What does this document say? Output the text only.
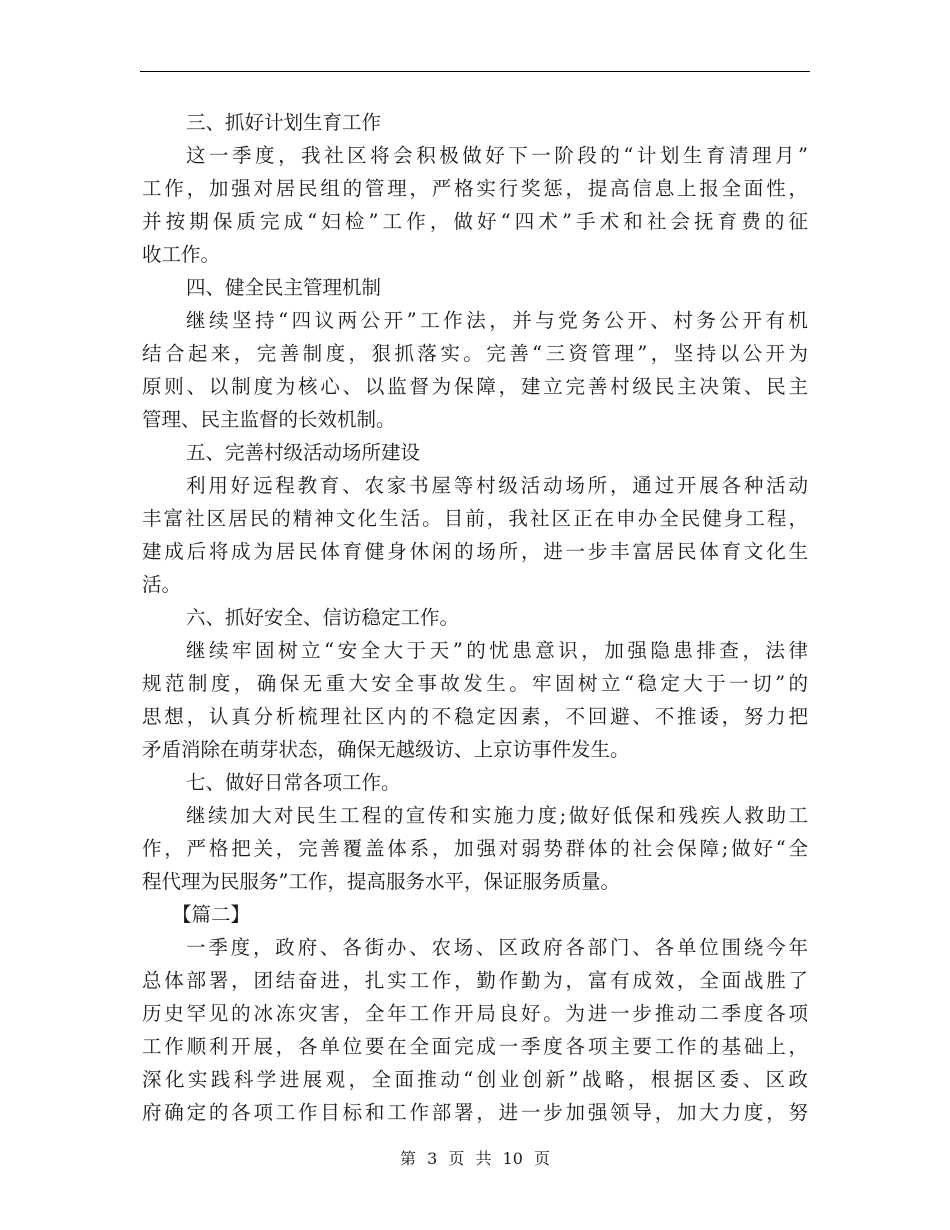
三、抓好计划生育工作
这一季度，我社区将会积极做好下一阶段的“计划生育清理月”
工作，加强对居民组的管理，严格实行奖惩，提高信息上报全面性，
并按期保质完成“妇检”工作，做好“四术”手术和社会抚育费的征
收工作。
四、健全民主管理机制
继续坚持“四议两公开”工作法，并与党务公开、村务公开有机
结合起来，完善制度，狠抓落实。完善“三资管理”，坚持以公开为
原则、以制度为核心、以监督为保障，建立完善村级民主决策、民主
管理、民主监督的长效机制。
五、完善村级活动场所建设
利用好远程教育、农家书屋等村级活动场所，通过开展各种活动
丰富社区居民的精神文化生活。目前，我社区正在申办全民健身工程，
建成后将成为居民体育健身休闲的场所，进一步丰富居民体育文化生
活。
六、抓好安全、信访稳定工作。
继续牢固树立“安全大于天”的忧患意识，加强隐患排查，法律
规范制度，确保无重大安全事故发生。牢固树立“稳定大于一切”的
思想，认真分析梳理社区内的不稳定因素，不回避、不推诿，努力把
矛盾消除在萌芽状态，确保无越级访、上京访事件发生。
七、做好日常各项工作。
继续加大对民生工程的宣传和实施力度;做好低保和残疾人救助工
作，严格把关，完善覆盖体系，加强对弱势群体的社会保障;做好“全
程代理为民服务”工作，提高服务水平，保证服务质量。
【篇二】
一季度，政府、各街办、农场、区政府各部门、各单位围绕今年
总体部署，团结奋进，扎实工作，勤作勤为，富有成效，全面战胜了
历史罕见的冰冻灾害，全年工作开局良好。为进一步推动二季度各项
工作顺利开展，各单位要在全面完成一季度各项主要工作的基础上，
深化实践科学进展观，全面推动“创业创新”战略，根据区委、区政
府确定的各项工作目标和工作部署，进一步加强领导，加大力度，努
第 3 页 共 10 页
